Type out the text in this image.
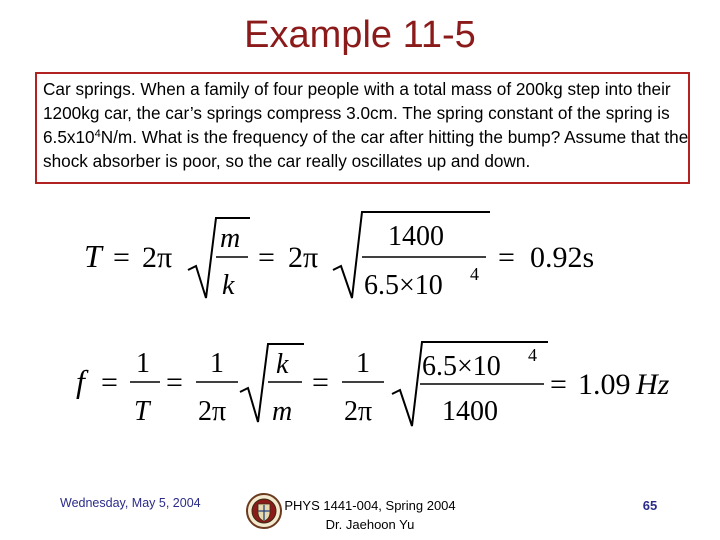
Example 11-5
Car springs. When a family of four people with a total mass of 200kg step into their 1200kg car, the car’s springs compress 3.0cm. The spring constant of the spring is $6.5x10^4N/m$. What is the frequency of the car after hitting the bump? Assume that the shock absorber is poor, so the car really oscillates up and down.
T = 2π
m
k
= 2π
1400
6.5×10 4 = 0.92s
f =
1
T
=
1
2π
k
m
=
1
2π
6.5×10 4
1400
= 1.09 Hz
Wednesday, May 5, 2004	PHYS 1441-004, Spring 2004
Dr. Jaehoon Yu
65
